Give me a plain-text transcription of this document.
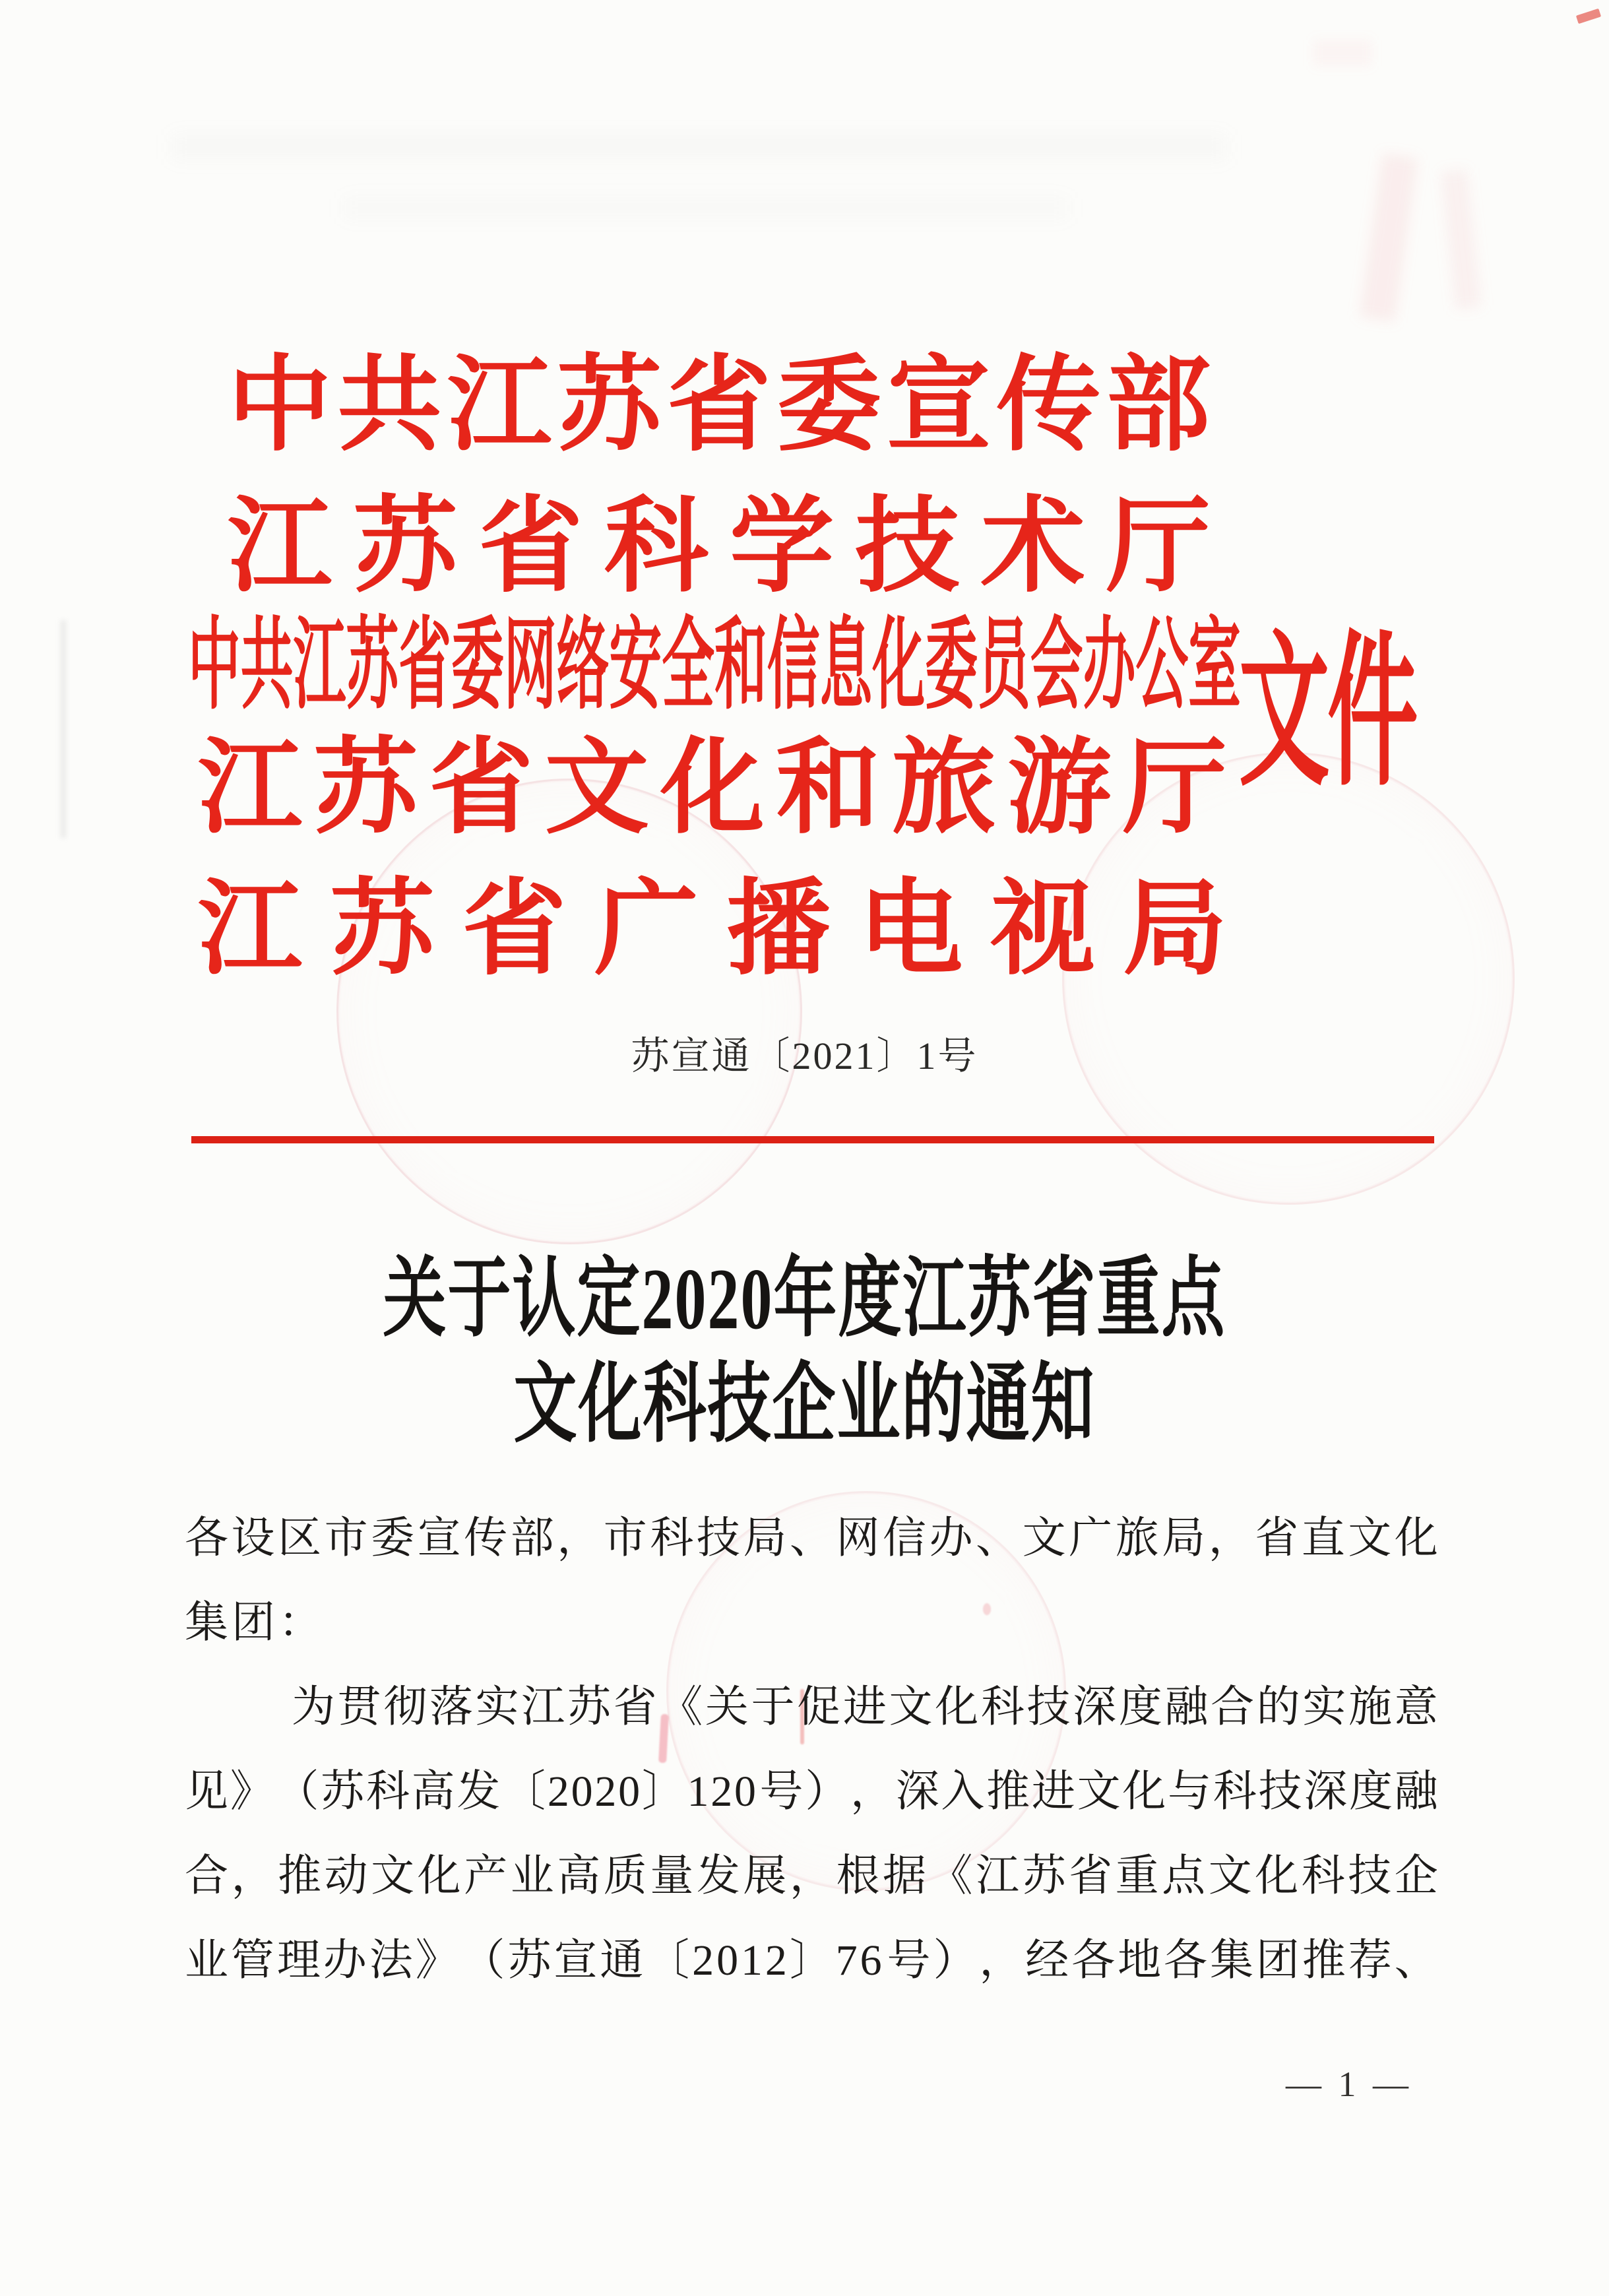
中 共 江 苏 省 委 宣 传 部
江 苏 省 科 学 技 术 厅
中共江苏省委网络安全和信息化委员会办公室
文件
江 苏 省 文 化 和 旅 游 厅
江 苏 省 广 播 电 视 局
苏宣通〔2021〕1号
关于认定2020年度江苏省重点
文化科技企业的通知
各 设 区 市 委 宣 传 部 ， 市 科 技 局 、 网 信 办 、 文 广 旅 局 ， 省 直 文 化
集团：
为 贯 彻 落 实 江 苏 省 《 关 于 促 进 文 化 科 技 深 度 融 合 的 实 施 意
见 》 （ 苏 科 高 发 〔 2 0 2 0 〕 1 2 0 号 ） ， 深 入 推 进 文 化 与 科 技 深 度 融
合 ， 推 动 文 化 产 业 高 质 量 发 展 ， 根 据 《 江 苏 省 重 点 文 化 科 技 企
业 管 理 办 法 》 （ 苏 宣 通 〔 2 0 1 2 〕 7 6 号 ） ， 经 各 地 各 集 团 推 荐 、
— 1 —
